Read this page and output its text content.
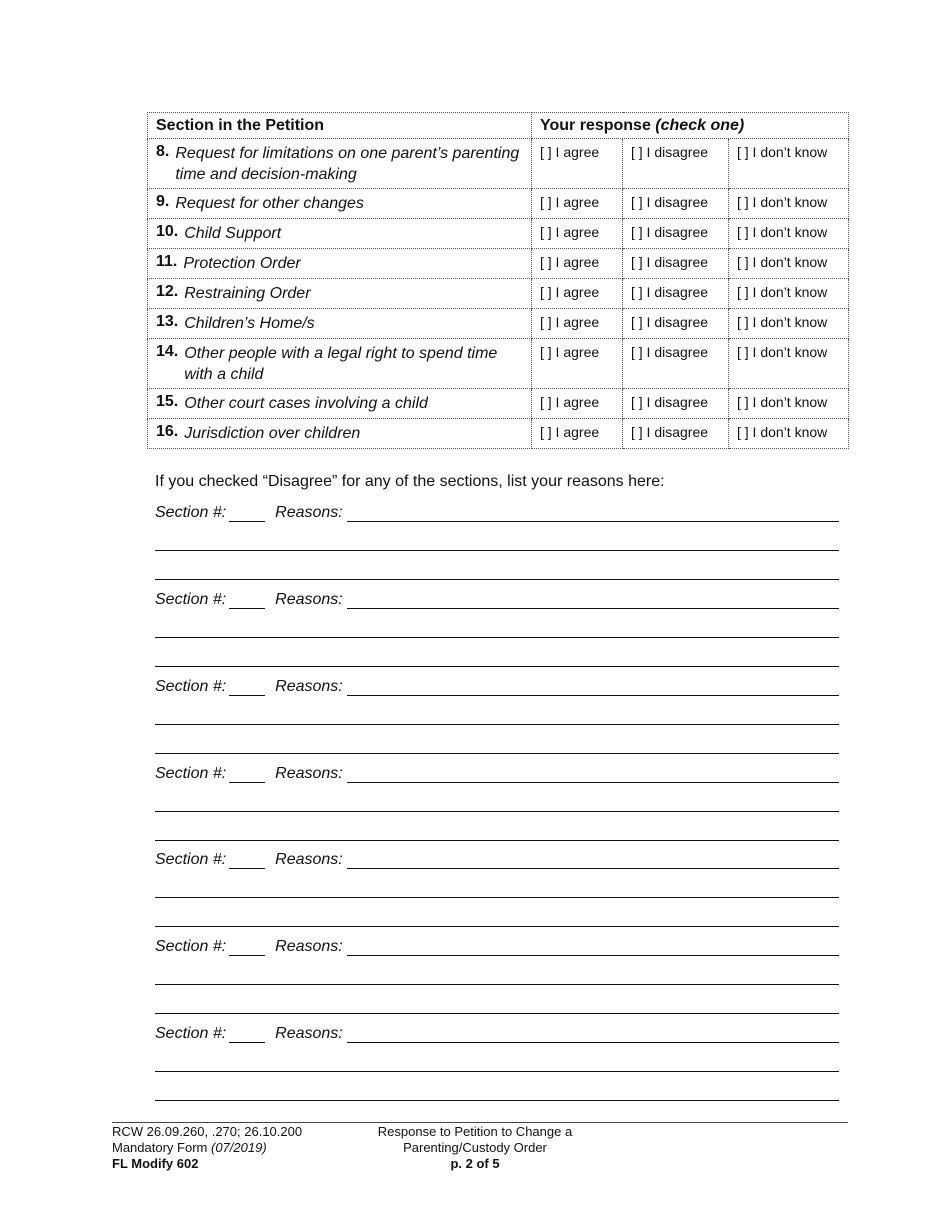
Section in the Petition	Your response (check one)		

8. Request for limitations on one parent’s parenting time and decision-making	[ ] I agree	[ ] I disagree	[ ] I don’t know

9. Request for other changes	[ ] I agree	[ ] I disagree	[ ] I don’t know

10. Child Support	[ ] I agree	[ ] I disagree	[ ] I don’t know

11. Protection Order	[ ] I agree	[ ] I disagree	[ ] I don’t know

12. Restraining Order	[ ] I agree	[ ] I disagree	[ ] I don’t know

13. Children’s Home/s	[ ] I agree	[ ] I disagree	[ ] I don’t know

14. Other people with a legal right to spend time with a child	[ ] I agree	[ ] I disagree	[ ] I don’t know

15. Other court cases involving a child	[ ] I agree	[ ] I disagree	[ ] I don’t know

16. Jurisdiction over children	[ ] I agree	[ ] I disagree	[ ] I don’t know
If you checked “Disagree” for any of the sections, list your reasons here:
Section #:	Reasons:
Section #:	Reasons:
Section #:	Reasons:
Section #:	Reasons:
Section #:	Reasons:
Section #:	Reasons:
Section #:	Reasons:
RCW 26.09.260, .270; 26.10.200
Mandatory Form (07/2019)
FL Modify 602
Response to Petition to Change a
Parenting/Custody Order
p. 2 of 5
